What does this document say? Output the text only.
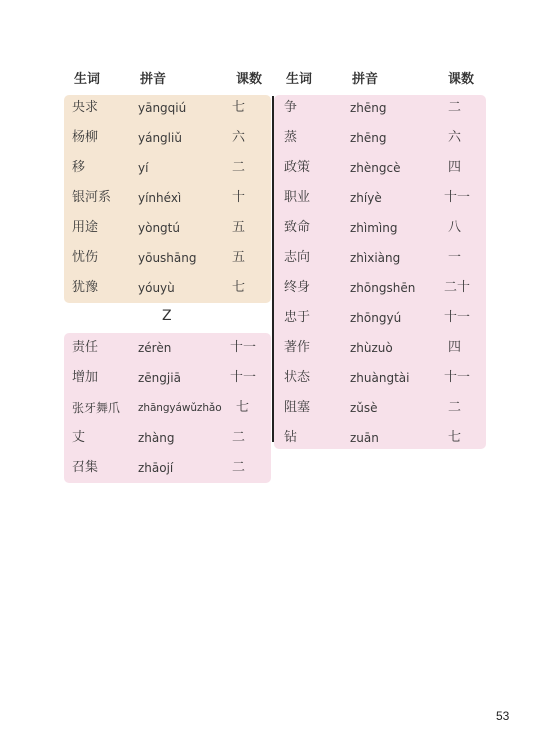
生词	拼音	课数 生词	拼音	课数
央求	yāngqiú	七
杨柳	yángliǔ	六
移	yí	二
银河系 yínhéxì	十
用途	yòngtú	五
忧伤	yōushāng	五
犹豫	yóuyù	七
Z
责任	zérèn	十一
增加	zēngjiā	十一
张牙舞爪 zhāngyáwǔzhǎo 七
丈	zhàng	二
召集	zhāojí	二
争	zhēng	二
蒸	zhēng	六
政策	zhèngcè	四
职业	zhíyè	十一
致命	zhìmìng	八
志向	zhìxiàng	一
终身	zhōngshēn 二十
忠于	zhōngyú	十一
著作	zhùzuò	四
状态	zhuàngtài	十一
阻塞	zǔsè	二
钻	zuān	七
53
